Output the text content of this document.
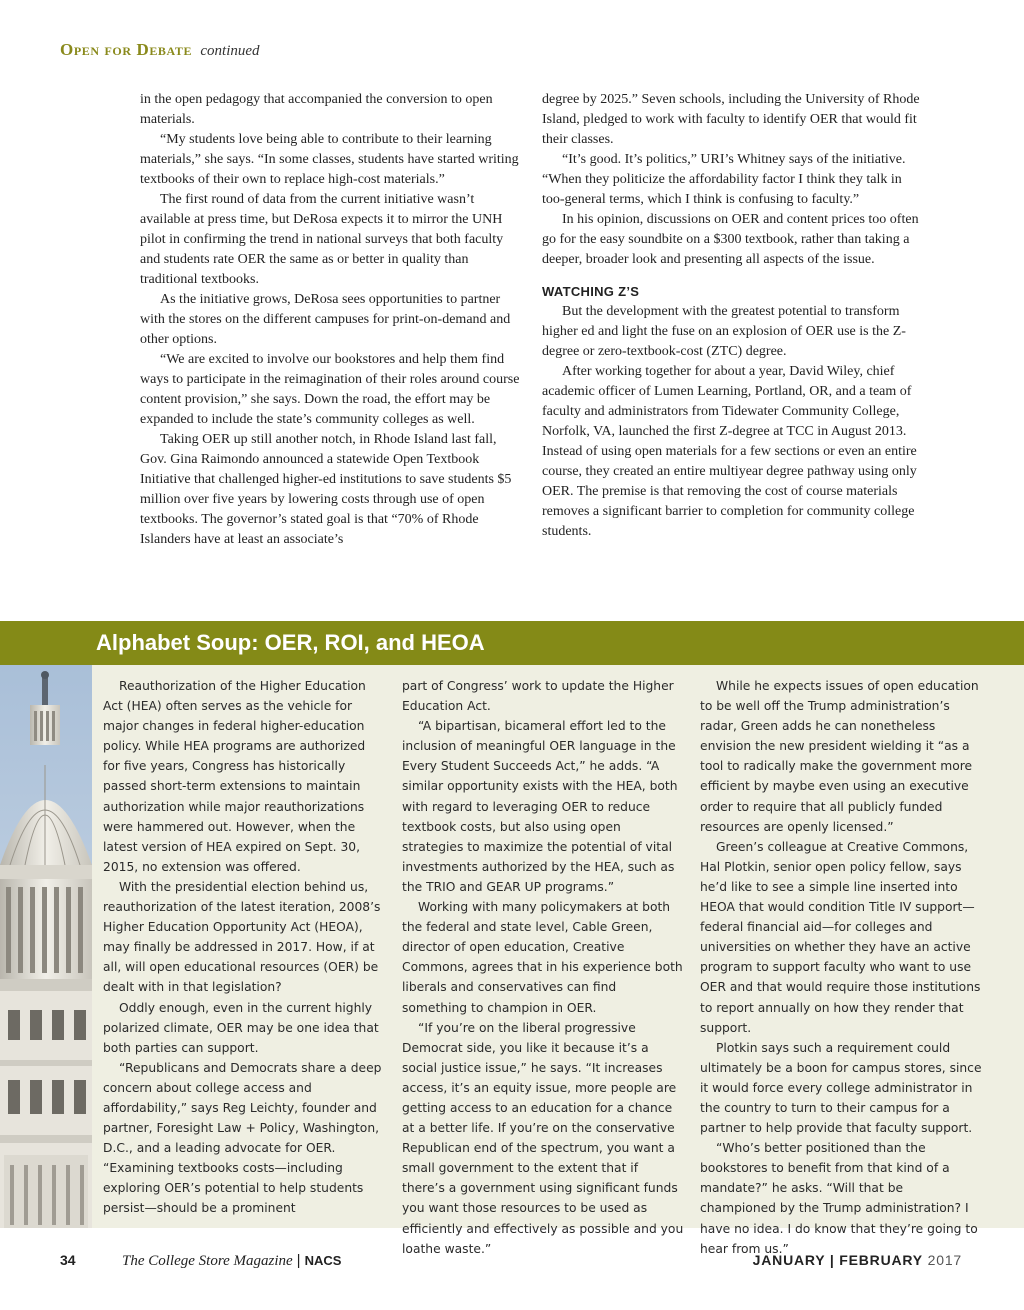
Open for Debate continued

in the open pedagogy that accompanied the conversion to open materials.

“My students love being able to contribute to their learning materials,” she says. “In some classes, students have started writing textbooks of their own to replace high-cost materials.”

The first round of data from the current initiative wasn’t available at press time, but DeRosa expects it to mirror the UNH pilot in confirming the trend in national surveys that both faculty and students rate OER the same as or better in quality than traditional textbooks.

As the initiative grows, DeRosa sees opportunities to partner with the stores on the different campuses for print-on-demand and other options.

“We are excited to involve our bookstores and help them find ways to participate in the reimagination of their roles around course content provision,” she says. Down the road, the effort may be expanded to include the state’s community colleges as well.

Taking OER up still another notch, in Rhode Island last fall, Gov. Gina Raimondo announced a statewide Open Textbook Initiative that challenged higher-ed institutions to save students $5 million over five years by lowering costs through use of open textbooks. The governor’s stated goal is that “70% of Rhode Islanders have at least an associate’s

degree by 2025.” Seven schools, including the University of Rhode Island, pledged to work with faculty to identify OER that would fit their classes.

“It’s good. It’s politics,” URI’s Whitney says of the initiative. “When they politicize the affordability factor I think they talk in too-general terms, which I think is confusing to faculty.”

In his opinion, discussions on OER and content prices too often go for the easy soundbite on a $300 textbook, rather than taking a deeper, broader look and presenting all aspects of the issue.

WATCHING Z’S

But the development with the greatest potential to transform higher ed and light the fuse on an explosion of OER use is the Z-degree or zero-textbook-cost (ZTC) degree.

After working together for about a year, David Wiley, chief academic officer of Lumen Learning, Portland, OR, and a team of faculty and administrators from Tidewater Community College, Norfolk, VA, launched the first Z-degree at TCC in August 2013. Instead of using open materials for a few sections or even an entire course, they created an entire multiyear degree pathway using only OER. The premise is that removing the cost of course materials removes a significant barrier to completion for community college students.

Alphabet Soup: OER, ROI, and HEOA

Reauthorization of the Higher Education Act (HEA) often serves as the vehicle for major changes in federal higher-education policy. While HEA programs are authorized for five years, Congress has historically passed short-term extensions to maintain authorization while major reauthorizations were hammered out. However, when the latest version of HEA expired on Sept. 30, 2015, no extension was offered.

With the presidential election behind us, reauthorization of the latest iteration, 2008’s Higher Education Opportunity Act (HEOA), may finally be addressed in 2017. How, if at all, will open educational resources (OER) be dealt with in that legislation?

Oddly enough, even in the current highly polarized climate, OER may be one idea that both parties can support.

“Republicans and Democrats share a deep concern about college access and affordability,” says Reg Leichty, founder and partner, Foresight Law + Policy, Washington, D.C., and a leading advocate for OER. “Examining textbooks costs—including exploring OER’s potential to help students persist—should be a prominent

part of Congress’ work to update the Higher Education Act.

“A bipartisan, bicameral effort led to the inclusion of meaningful OER language in the Every Student Succeeds Act,” he adds. “A similar opportunity exists with the HEA, both with regard to leveraging OER to reduce textbook costs, but also using open strategies to maximize the potential of vital investments authorized by the HEA, such as the TRIO and GEAR UP programs.”

Working with many policymakers at both the federal and state level, Cable Green, director of open education, Creative Commons, agrees that in his experience both liberals and conservatives can find something to champion in OER.

“If you’re on the liberal progressive Democrat side, you like it because it’s a social justice issue,” he says. “It increases access, it’s an equity issue, more people are getting access to an education for a chance at a better life. If you’re on the conservative Republican end of the spectrum, you want a small government to the extent that if there’s a government using significant funds you want those resources to be used as efficiently and effectively as possible and you loathe waste.”

While he expects issues of open education to be well off the Trump administration’s radar, Green adds he can nonetheless envision the new president wielding it “as a tool to radically make the government more efficient by maybe even using an executive order to require that all publicly funded resources are openly licensed.”

Green’s colleague at Creative Commons, Hal Plotkin, senior open policy fellow, says he’d like to see a simple line inserted into HEOA that would condition Title IV support—federal financial aid—for colleges and universities on whether they have an active program to support faculty who want to use OER and that would require those institutions to report annually on how they render that support.

Plotkin says such a requirement could ultimately be a boon for campus stores, since it would force every college administrator in the country to turn to their campus for a partner to help provide that faculty support.

“Who’s better positioned than the bookstores to benefit from that kind of a mandate?” he asks. “Will that be championed by the Trump administration? I have no idea. I do know that they’re going to hear from us.”

34	The College Store Magazine | NACS	JANUARY | FEBRUARY 2017
